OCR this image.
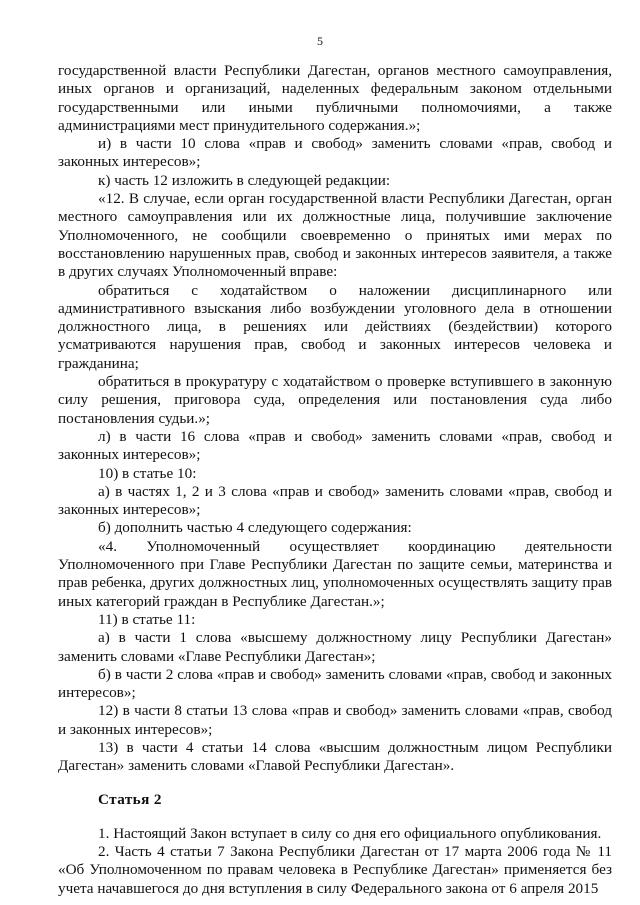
5

государственной власти Республики Дагестан, органов местного самоуправления, иных органов и организаций, наделенных федеральным законом отдельными государственными или иными публичными полномочиями, а также администрациями мест принудительного содержания.»;

и) в части 10 слова «прав и свобод» заменить словами «прав, свобод и законных интересов»;

к) часть 12 изложить в следующей редакции:

«12. В случае, если орган государственной власти Республики Дагестан, орган местного самоуправления или их должностные лица, получившие заключение Уполномоченного, не сообщили своевременно о принятых ими мерах по восстановлению нарушенных прав, свобод и законных интересов заявителя, а также в других случаях Уполномоченный вправе:

обратиться с ходатайством о наложении дисциплинарного или административного взыскания либо возбуждении уголовного дела в отношении должностного лица, в решениях или действиях (бездействии) которого усматриваются нарушения прав, свобод и законных интересов человека и гражданина;

обратиться в прокуратуру с ходатайством о проверке вступившего в законную силу решения, приговора суда, определения или постановления суда либо постановления судьи.»;

л) в части 16 слова «прав и свобод» заменить словами «прав, свобод и законных интересов»;

10) в статье 10:

а) в частях 1, 2 и 3 слова «прав и свобод» заменить словами «прав, свобод и законных интересов»;

б) дополнить частью 4 следующего содержания:

«4. Уполномоченный осуществляет координацию деятельности Уполномоченного при Главе Республики Дагестан по защите семьи, материнства и прав ребенка, других должностных лиц, уполномоченных осуществлять защиту прав иных категорий граждан в Республике Дагестан.»;

11) в статье 11:

а) в части 1 слова «высшему должностному лицу Республики Дагестан» заменить словами «Главе Республики Дагестан»;

б) в части 2 слова «прав и свобод» заменить словами «прав, свобод и законных интересов»;

12) в части 8 статьи 13 слова «прав и свобод» заменить словами «прав, свобод и законных интересов»;

13) в части 4 статьи 14 слова «высшим должностным лицом Республики Дагестан» заменить словами «Главой Республики Дагестан».

Статья 2

1. Настоящий Закон вступает в силу со дня его официального опубликования.

2. Часть 4 статьи 7 Закона Республики Дагестан от 17 марта 2006 года № 11 «Об Уполномоченном по правам человека в Республике Дагестан» применяется без учета начавшегося до дня вступления в силу Федерального закона от 6 апреля 2015
